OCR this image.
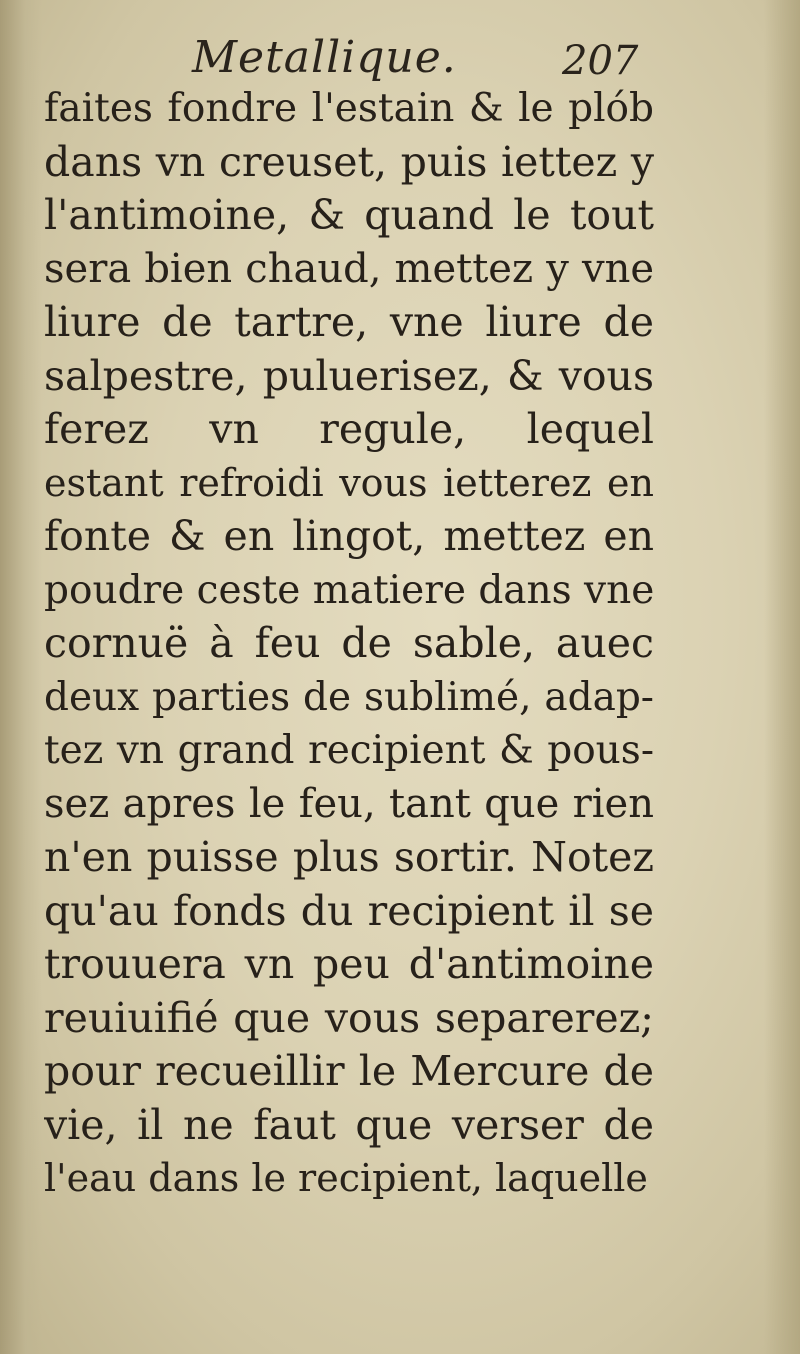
Metallique.	207
faites fondre l'estain & le plób
dans vn creuset, puis iettez y
l'antimoine, & quand le tout
sera bien chaud, mettez y vne
liure de tartre, vne liure de
salpestre, puluerisez, & vous
ferez vn regule, lequel
estant refroidi vous ietterez en
fonte & en lingot, mettez en
poudre ceste matiere dans vne
cornuë à feu de sable, auec
deux parties de sublimé, adap-
tez vn grand recipient & pous-
sez apres le feu, tant que rien
n'en puisse plus sortir. Notez
qu'au fonds du recipient il se
trouuera vn peu d'antimoine
reuiuifié que vous separerez;
pour recueillir le Mercure de
vie, il ne faut que verser de
l'eau dans le recipient, laquelle
